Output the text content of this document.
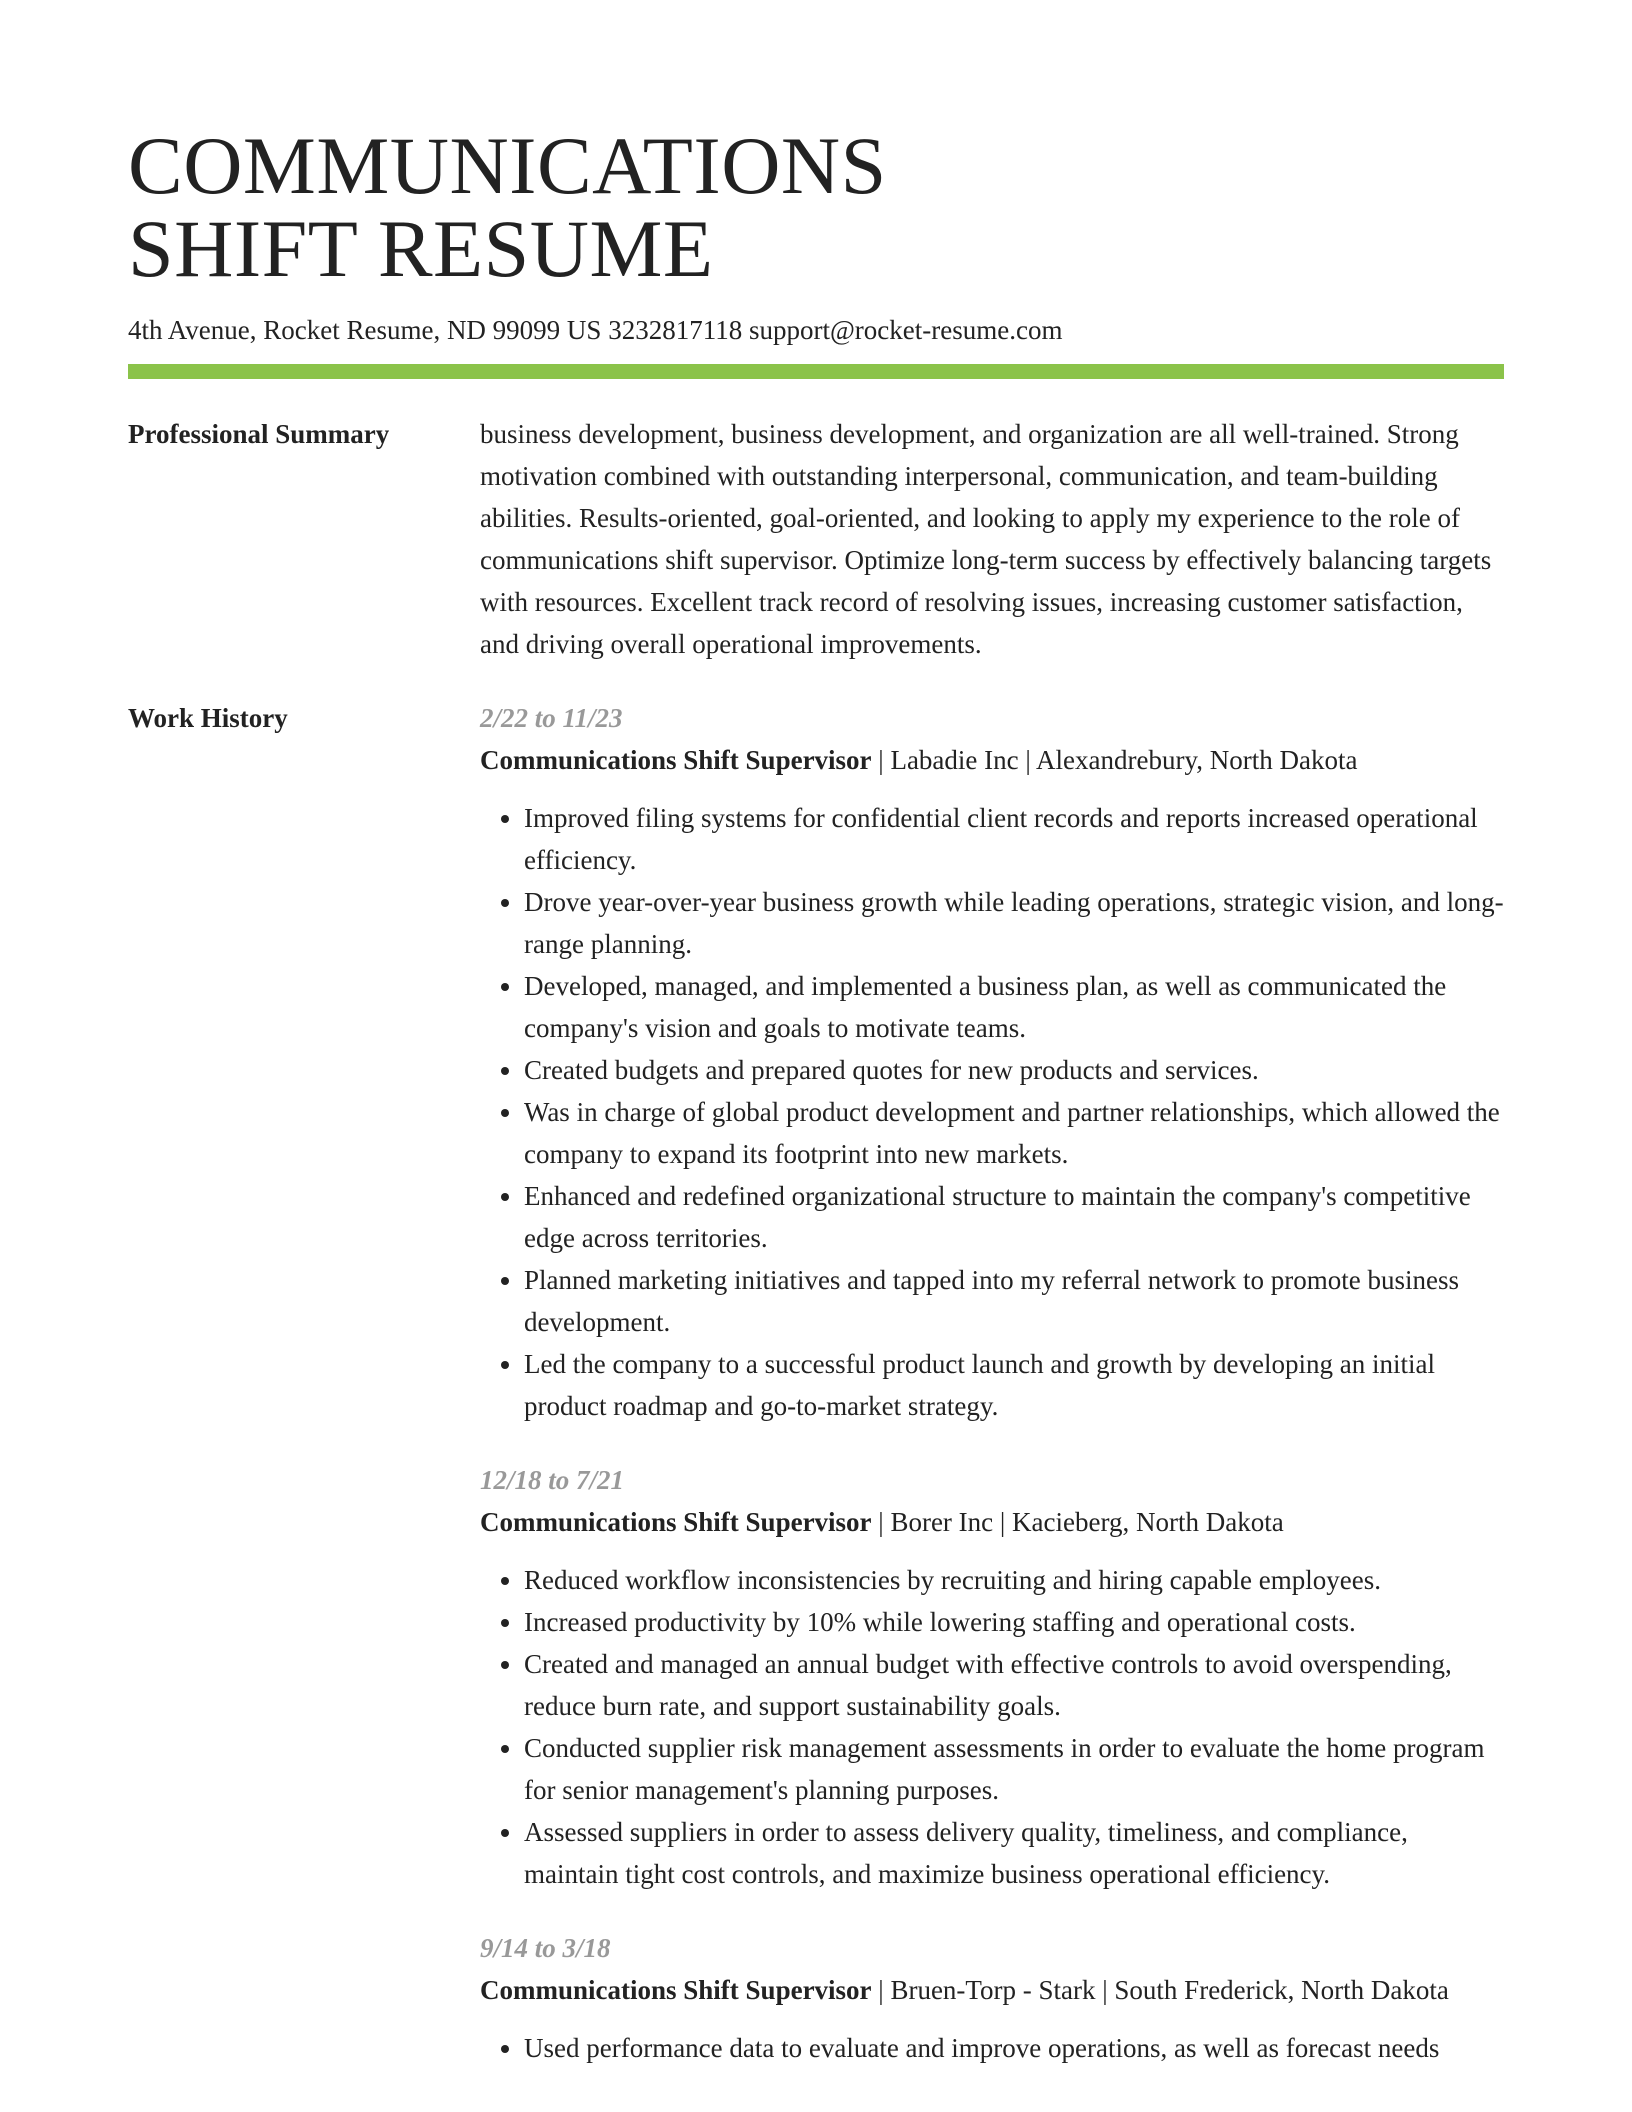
COMMUNICATIONS
SHIFT RESUME
4th Avenue, Rocket Resume, ND 99099 US 3232817118 support@rocket-resume.com
Professional Summary	business development, business development, and organization are all well-trained. Strong motivation combined with outstanding interpersonal, communication, and team-building abilities. Results-oriented, goal-oriented, and looking to apply my experience to the role of communications shift supervisor. Optimize long-term success by effectively balancing targets with resources. Excellent track record of resolving issues, increasing customer satisfaction, and driving overall operational improvements.
Work History	2/22 to 11/23
Communications Shift Supervisor | Labadie Inc | Alexandrebury, North Dakota
• Improved filing systems for confidential client records and reports increased operational efficiency.
• Drove year-over-year business growth while leading operations, strategic vision, and long-range planning.
• Developed, managed, and implemented a business plan, as well as communicated the company's vision and goals to motivate teams.
• Created budgets and prepared quotes for new products and services.
• Was in charge of global product development and partner relationships, which allowed the company to expand its footprint into new markets.
• Enhanced and redefined organizational structure to maintain the company's competitive edge across territories.
• Planned marketing initiatives and tapped into my referral network to promote business development.
• Led the company to a successful product launch and growth by developing an initial product roadmap and go-to-market strategy.
12/18 to 7/21
Communications Shift Supervisor | Borer Inc | Kacieberg, North Dakota
• Reduced workflow inconsistencies by recruiting and hiring capable employees.
• Increased productivity by 10% while lowering staffing and operational costs.
• Created and managed an annual budget with effective controls to avoid overspending, reduce burn rate, and support sustainability goals.
• Conducted supplier risk management assessments in order to evaluate the home program for senior management's planning purposes.
• Assessed suppliers in order to assess delivery quality, timeliness, and compliance, maintain tight cost controls, and maximize business operational efficiency.
9/14 to 3/18
Communications Shift Supervisor | Bruen-Torp - Stark | South Frederick, North Dakota
• Used performance data to evaluate and improve operations, as well as forecast needs
